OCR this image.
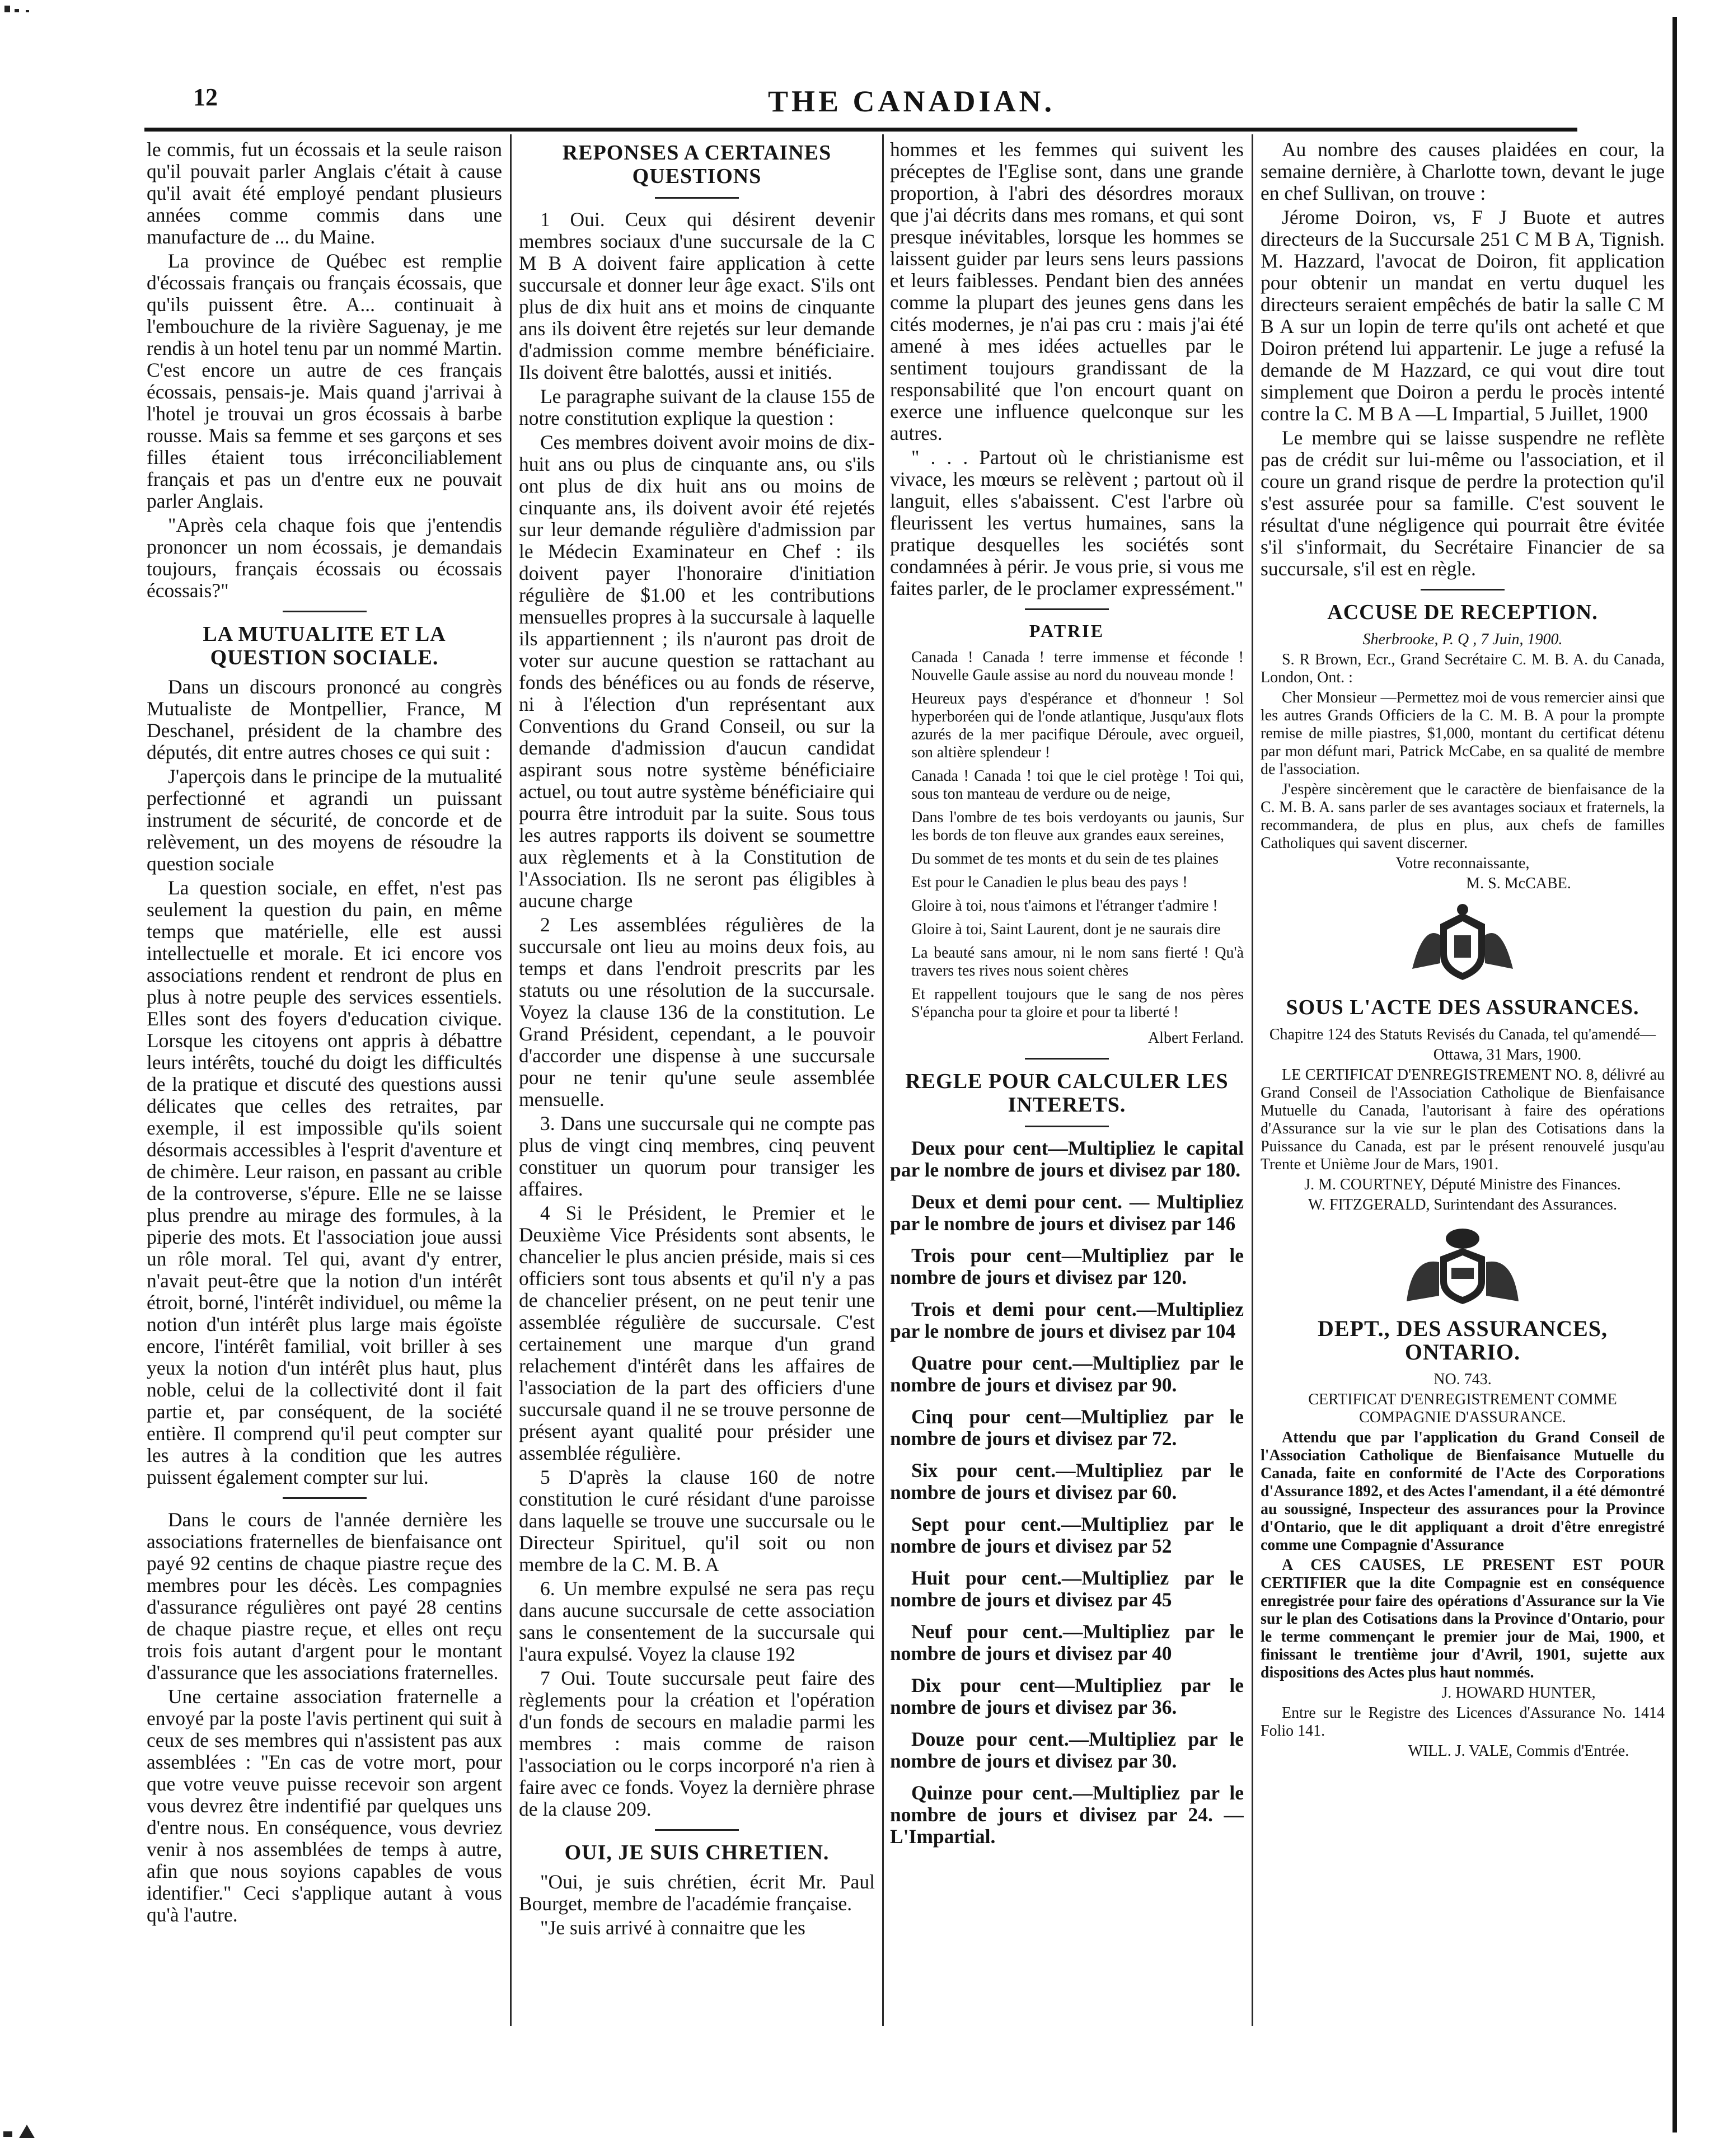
12	THE CANADIAN.

le commis, fut un écossais et la seule raison qu'il pouvait parler Anglais c'était à cause qu'il avait été employé pendant plusieurs années comme commis dans une manufacture de ... du Maine.

La province de Québec est remplie d'écossais français ou français écossais, que qu'ils puissent être. A... continuait à l'embouchure de la rivière Saguenay, je me rendis à un hotel tenu par un nommé Martin. C'est encore un autre de ces français écossais, pensais-je. Mais quand j'arrivai à l'hotel je trouvai un gros écossais à barbe rousse. Mais sa femme et ses garçons et ses filles étaient tous irréconciliablement français et pas un d'entre eux ne pouvait parler Anglais.

"Après cela chaque fois que j'entendis prononcer un nom écossais, je demandais toujours, français écossais ou écossais écossais?"

LA MUTUALITE ET LA QUESTION SOCIALE.

Dans un discours prononcé au congrès Mutualiste de Montpellier, France, M Deschanel, président de la chambre des députés, dit entre autres choses ce qui suit :

J'aperçois dans le principe de la mutualité perfectionné et agrandi un puissant instrument de sécurité, de concorde et de relèvement, un des moyens de résoudre la question sociale

La question sociale, en effet, n'est pas seulement la question du pain, en même temps que matérielle, elle est aussi intellectuelle et morale. Et ici encore vos associations rendent et rendront de plus en plus à notre peuple des services essentiels. Elles sont des foyers d'education civique. Lorsque les citoyens ont appris à débattre leurs intérêts, touché du doigt les difficultés de la pratique et discuté des questions aussi délicates que celles des retraites, par exemple, il est impossible qu'ils soient désormais accessibles à l'esprit d'aventure et de chimère. Leur raison, en passant au crible de la controverse, s'épure. Elle ne se laisse plus prendre au mirage des formules, à la piperie des mots. Et l'association joue aussi un rôle moral. Tel qui, avant d'y entrer, n'avait peut-être que la notion d'un intérêt étroit, borné, l'intérêt individuel, ou même la notion d'un intérêt plus large mais égoïste encore, l'intérêt familial, voit briller à ses yeux la notion d'un intérêt plus haut, plus noble, celui de la collectivité dont il fait partie et, par conséquent, de la société entière. Il comprend qu'il peut compter sur les autres à la condition que les autres puissent également compter sur lui.

Dans le cours de l'année dernière les associations fraternelles de bienfaisance ont payé 92 centins de chaque piastre reçue des membres pour les décès. Les compagnies d'assurance régulières ont payé 28 centins de chaque piastre reçue, et elles ont reçu trois fois autant d'argent pour le montant d'assurance que les associations fraternelles.

Une certaine association fraternelle a envoyé par la poste l'avis pertinent qui suit à ceux de ses membres qui n'assistent pas aux assemblées : "En cas de votre mort, pour que votre veuve puisse recevoir son argent vous devrez être indentifié par quelques uns d'entre nous. En conséquence, vous devriez venir à nos assemblées de temps à autre, afin que nous soyions capables de vous identifier." Ceci s'applique autant à vous qu'à l'autre.

REPONSES A CERTAINES QUESTIONS

1 Oui. Ceux qui désirent devenir membres sociaux d'une succursale de la C M B A doivent faire application à cette succursale et donner leur âge exact. S'ils ont plus de dix huit ans et moins de cinquante ans ils doivent être rejetés sur leur demande d'admission comme membre bénéficiaire. Ils doivent être balottés, aussi et initiés.

Le paragraphe suivant de la clause 155 de notre constitution explique la question :

Ces membres doivent avoir moins de dix-huit ans ou plus de cinquante ans, ou s'ils ont plus de dix huit ans ou moins de cinquante ans, ils doivent avoir été rejetés sur leur demande régulière d'admission par le Médecin Examinateur en Chef : ils doivent payer l'honoraire d'initiation régulière de $1.00 et les contributions mensuelles propres à la succursale à laquelle ils appartiennent ; ils n'auront pas droit de voter sur aucune question se rattachant au fonds des bénéfices ou au fonds de réserve, ni à l'élection d'un représentant aux Conventions du Grand Conseil, ou sur la demande d'admission d'aucun candidat aspirant sous notre système bénéficiaire actuel, ou tout autre système bénéficiaire qui pourra être introduit par la suite. Sous tous les autres rapports ils doivent se soumettre aux règlements et à la Constitution de l'Association. Ils ne seront pas éligibles à aucune charge

2 Les assemblées régulières de la succursale ont lieu au moins deux fois, au temps et dans l'endroit prescrits par les statuts ou une résolution de la succursale. Voyez la clause 136 de la constitution. Le Grand Président, cependant, a le pouvoir d'accorder une dispense à une succursale pour ne tenir qu'une seule assemblée mensuelle.

3. Dans une succursale qui ne compte pas plus de vingt cinq membres, cinq peuvent constituer un quorum pour transiger les affaires.

4 Si le Président, le Premier et le Deuxième Vice Présidents sont absents, le chancelier le plus ancien préside, mais si ces officiers sont tous absents et qu'il n'y a pas de chancelier présent, on ne peut tenir une assemblée régulière de succursale. C'est certainement une marque d'un grand relachement d'intérêt dans les affaires de l'association de la part des officiers d'une succursale quand il ne se trouve personne de présent ayant qualité pour présider une assemblée régulière.

5 D'après la clause 160 de notre constitution le curé résidant d'une paroisse dans laquelle se trouve une succursale ou le Directeur Spirituel, qu'il soit ou non membre de la C. M. B. A

6. Un membre expulsé ne sera pas reçu dans aucune succursale de cette association sans le consentement de la succursale qui l'aura expulsé. Voyez la clause 192

7 Oui. Toute succursale peut faire des règlements pour la création et l'opération d'un fonds de secours en maladie parmi les membres : mais comme de raison l'association ou le corps incorporé n'a rien à faire avec ce fonds. Voyez la dernière phrase de la clause 209.

OUI, JE SUIS CHRETIEN.

"Oui, je suis chrétien, écrit Mr. Paul Bourget, membre de l'académie française.

"Je suis arrivé à connaitre que les

hommes et les femmes qui suivent les préceptes de l'Eglise sont, dans une grande proportion, à l'abri des désordres moraux que j'ai décrits dans mes romans, et qui sont presque inévitables, lorsque les hommes se laissent guider par leurs sens leurs passions et leurs faiblesses. Pendant bien des années comme la plupart des jeunes gens dans les cités modernes, je n'ai pas cru : mais j'ai été amené à mes idées actuelles par le sentiment toujours grandissant de la responsabilité que l'on encourt quant on exerce une influence quelconque sur les autres.

" . . . Partout où le christianisme est vivace, les mœurs se relèvent ; partout où il languit, elles s'abaissent. C'est l'arbre où fleurissent les vertus humaines, sans la pratique desquelles les sociétés sont condamnées à périr. Je vous prie, si vous me faites parler, de le proclamer expressément."

PATRIE

Canada ! Canada ! terre immense et féconde ! Nouvelle Gaule assise au nord du nouveau monde !

Heureux pays d'espérance et d'honneur ! Sol hyperboréen qui de l'onde atlantique, Jusqu'aux flots azurés de la mer pacifique Déroule, avec orgueil, son altière splendeur !

Canada ! Canada ! toi que le ciel protège ! Toi qui, sous ton manteau de verdure ou de neige,

Dans l'ombre de tes bois verdoyants ou jaunis, Sur les bords de ton fleuve aux grandes eaux sereines,

Du sommet de tes monts et du sein de tes plaines

Est pour le Canadien le plus beau des pays !

Gloire à toi, nous t'aimons et l'étranger t'admire !

Gloire à toi, Saint Laurent, dont je ne saurais dire

La beauté sans amour, ni le nom sans fierté ! Qu'à travers tes rives nous soient chères

Et rappellent toujours que le sang de nos pères S'épancha pour ta gloire et pour ta liberté !

Albert Ferland.
REGLE POUR CALCULER LES INTERETS.

Deux pour cent—Multipliez le capital par le nombre de jours et divisez par 180.

Deux et demi pour cent. — Multipliez par le nombre de jours et divisez par 146

Trois pour cent—Multipliez par le nombre de jours et divisez par 120.

Trois et demi pour cent.—Multipliez par le nombre de jours et divisez par 104

Quatre pour cent.—Multipliez par le nombre de jours et divisez par 90.

Cinq pour cent—Multipliez par le nombre de jours et divisez par 72.

Six pour cent.—Multipliez par le nombre de jours et divisez par 60.

Sept pour cent.—Multipliez par le nombre de jours et divisez par 52

Huit pour cent.—Multipliez par le nombre de jours et divisez par 45

Neuf pour cent.—Multipliez par le nombre de jours et divisez par 40

Dix pour cent—Multipliez par le nombre de jours et divisez par 36.

Douze pour cent.—Multipliez par le nombre de jours et divisez par 30.

Quinze pour cent.—Multipliez par le nombre de jours et divisez par 24. — L'Impartial.

Au nombre des causes plaidées en cour, la semaine dernière, à Charlotte town, devant le juge en chef Sullivan, on trouve :

Jérome Doiron, vs, F J Buote et autres directeurs de la Succursale 251 C M B A, Tignish. M. Hazzard, l'avocat de Doiron, fit application pour obtenir un mandat en vertu duquel les directeurs seraient empêchés de batir la salle C M B A sur un lopin de terre qu'ils ont acheté et que Doiron prétend lui appartenir. Le juge a refusé la demande de M Hazzard, ce qui vout dire tout simplement que Doiron a perdu le procès intenté contre la C. M B A —L Impartial, 5 Juillet, 1900

Le membre qui se laisse suspendre ne reflète pas de crédit sur lui-même ou l'association, et il coure un grand risque de perdre la protection qu'il s'est assurée pour sa famille. C'est souvent le résultat d'une négligence qui pourrait être évitée s'il s'informait, du Secrétaire Financier de sa succursale, s'il est en règle.

ACCUSE DE RECEPTION.

Sherbrooke, P. Q , 7 Juin, 1900.

S. R Brown, Ecr., Grand Secrétaire C. M. B. A. du Canada, London, Ont. :

Cher Monsieur —Permettez moi de vous remercier ainsi que les autres Grands Officiers de la C. M. B. A pour la prompte remise de mille piastres, $1,000, montant du certificat détenu par mon défunt mari, Patrick McCabe, en sa qualité de membre de l'association.

J'espère sincèrement que le caractère de bienfaisance de la C. M. B. A. sans parler de ses avantages sociaux et fraternels, la recommandera, de plus en plus, aux chefs de familles Catholiques qui savent discerner.

Votre reconnaissante,

M. S. McCABE.

SOUS L'ACTE DES ASSURANCES.

Chapitre 124 des Statuts Revisés du Canada, tel qu'amendé—

Ottawa, 31 Mars, 1900.

LE CERTIFICAT D'ENREGISTREMENT NO. 8, délivré au Grand Conseil de l'Association Catholique de Bienfaisance Mutuelle du Canada, l'autorisant à faire des opérations d'Assurance sur la vie sur le plan des Cotisations dans la Puissance du Canada, est par le présent renouvelé jusqu'au Trente et Unième Jour de Mars, 1901.

J. M. COURTNEY, Député Ministre des Finances.

W. FITZGERALD, Surintendant des Assurances.

DEPT., DES ASSURANCES, ONTARIO.

NO. 743.

CERTIFICAT D'ENREGISTREMENT COMME COMPAGNIE D'ASSURANCE.

Attendu que par l'application du Grand Conseil de l'Association Catholique de Bienfaisance Mutuelle du Canada, faite en conformité de l'Acte des Corporations d'Assurance 1892, et des Actes l'amendant, il a été démontré au soussigné, Inspecteur des assurances pour la Province d'Ontario, que le dit appliquant a droit d'être enregistré comme une Compagnie d'Assurance

A CES CAUSES, LE PRESENT EST POUR CERTIFIER que la dite Compagnie est en conséquence enregistrée pour faire des opérations d'Assurance sur la Vie sur le plan des Cotisations dans la Province d'Ontario, pour le terme commençant le premier jour de Mai, 1900, et finissant le trentième jour d'Avril, 1901, sujette aux dispositions des Actes plus haut nommés.

J. HOWARD HUNTER,

Entre sur le Registre des Licences d'Assurance No. 1414 Folio 141.

WILL. J. VALE, Commis d'Entrée.
